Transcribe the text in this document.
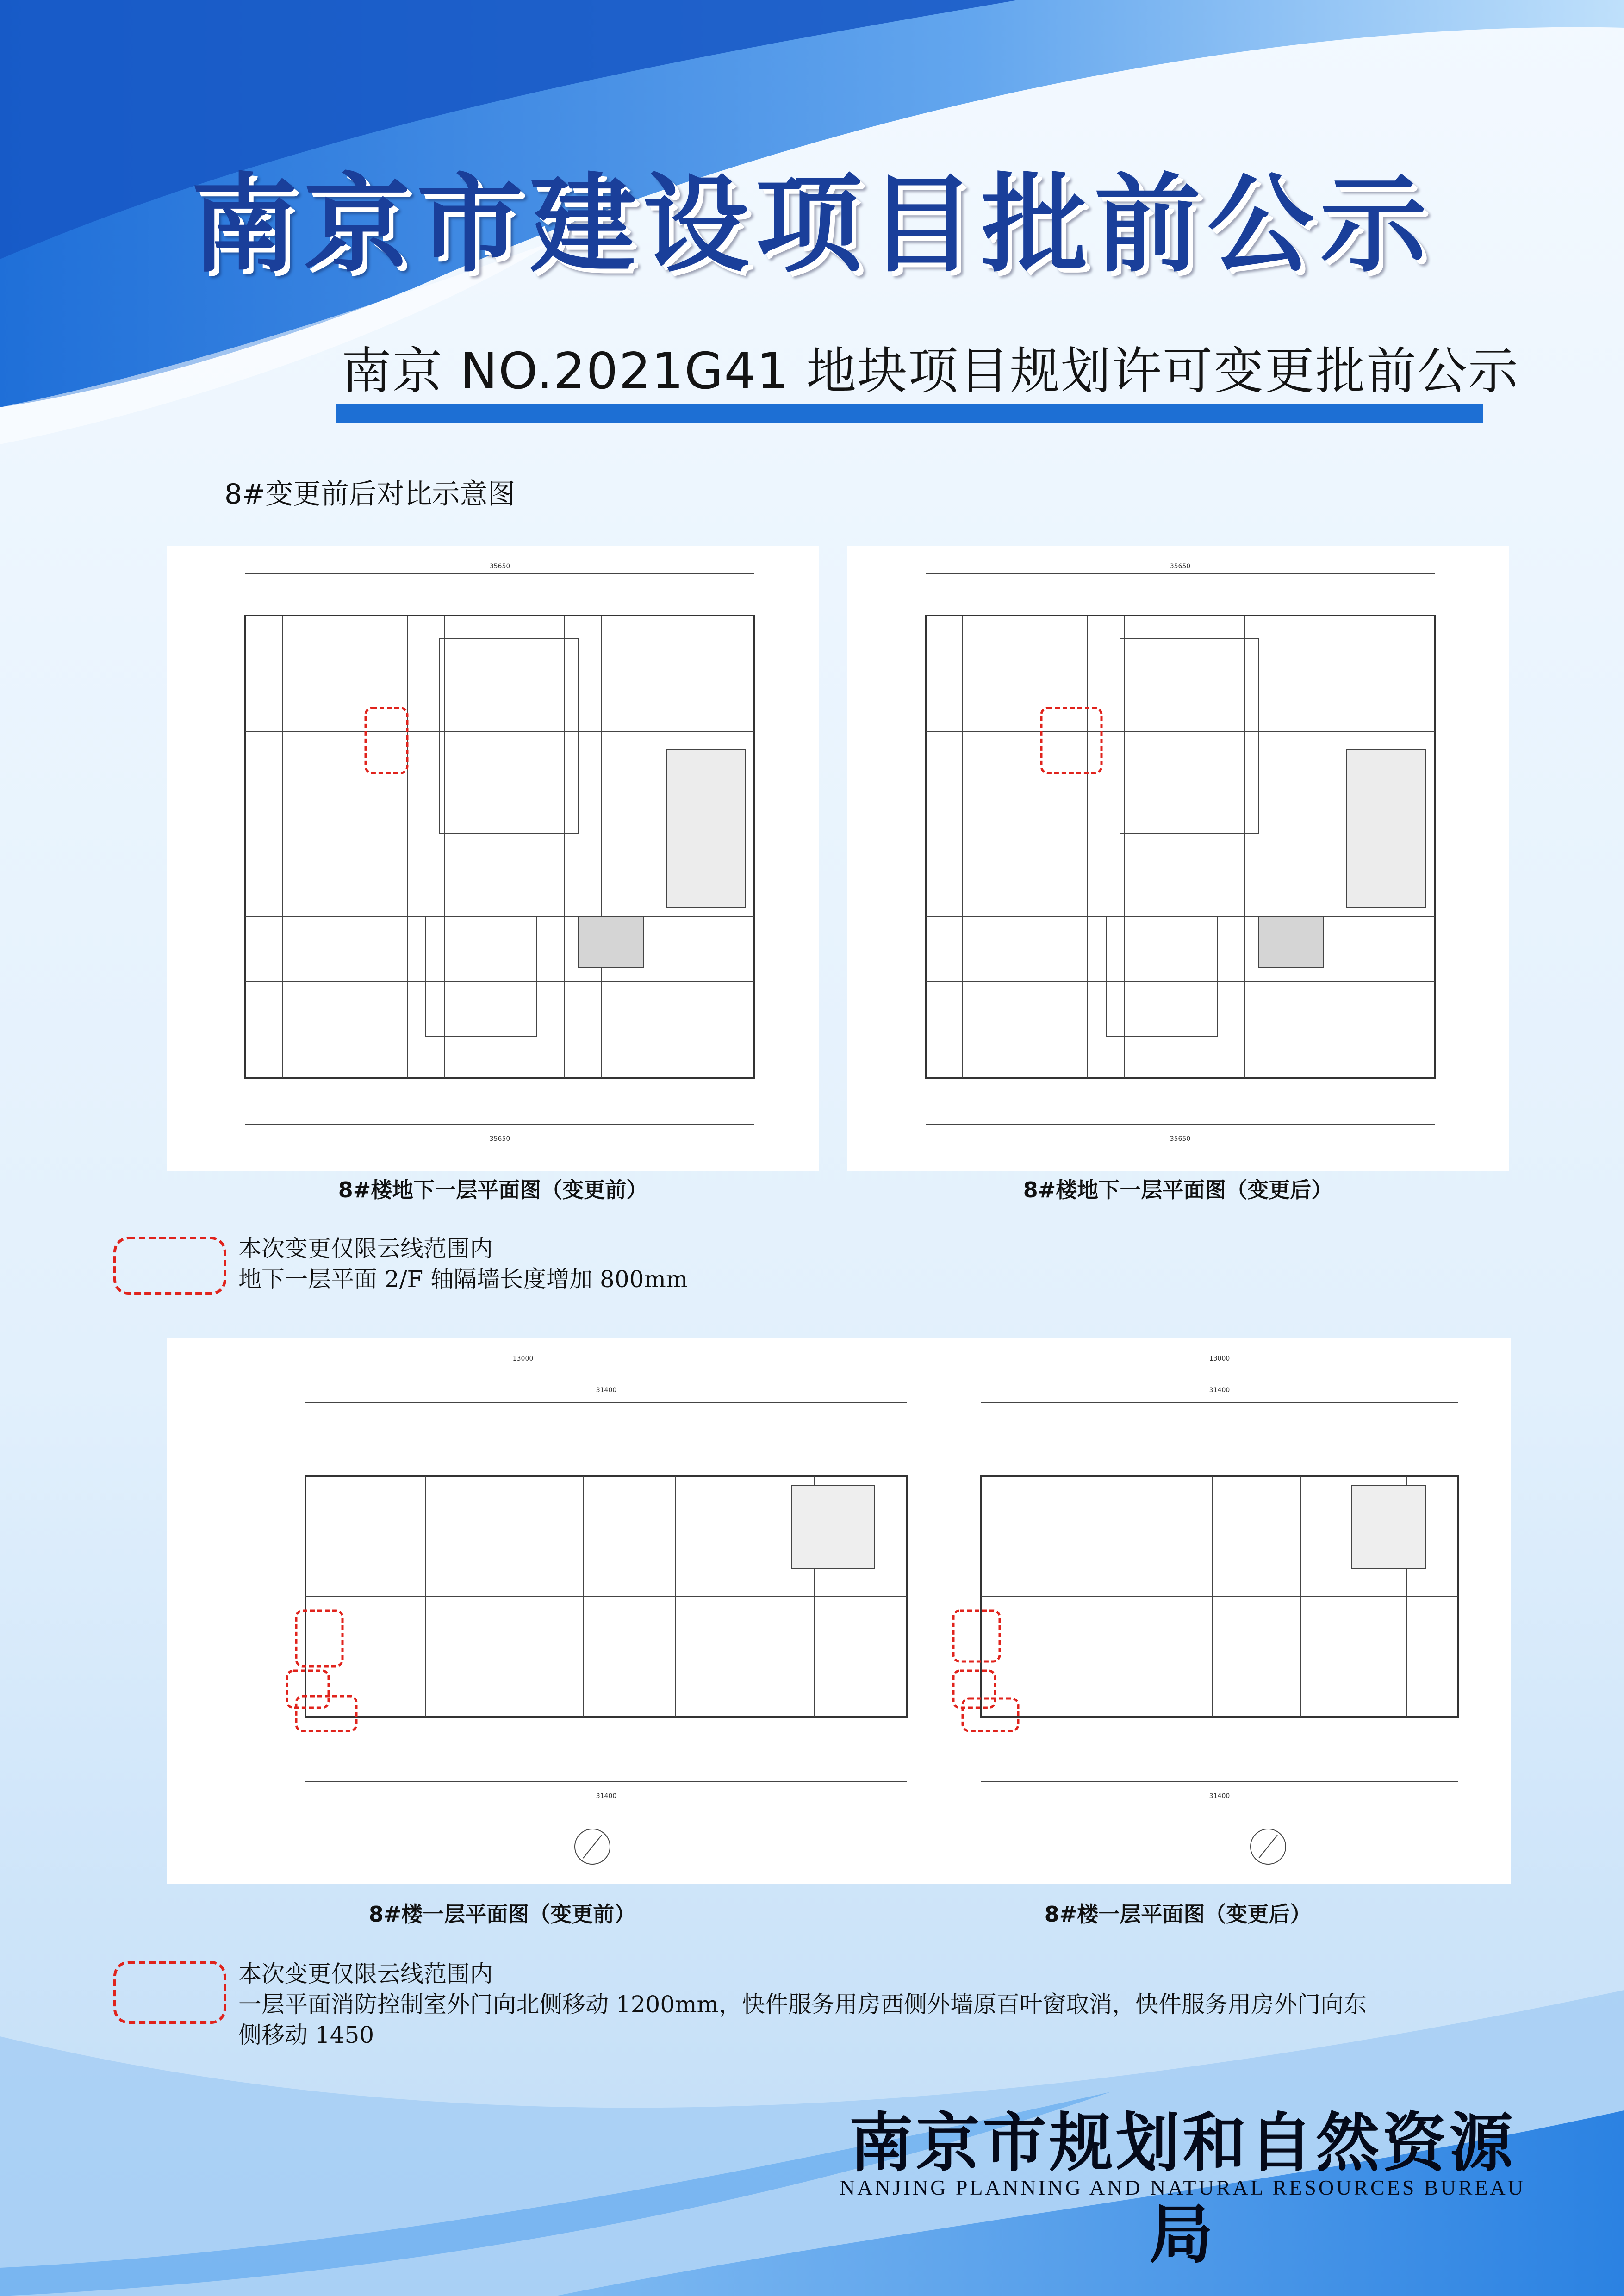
南京市建设项目批前公示
南京 NO.2021G41 地块项目规划许可变更批前公示
8#变更前后对比示意图
35650
35650
35650
35650
8#楼地下一层平面图（变更前）	8#楼地下一层平面图（变更后）
本次变更仅限云线范围内
地下一层平面 2/F 轴隔墙长度增加 800mm
13000
31400
31400
13000
31400
31400
8#楼一层平面图（变更前）	8#楼一层平面图（变更后）
本次变更仅限云线范围内
一层平面消防控制室外门向北侧移动 1200mm，快件服务用房西侧外墙原百叶窗取消，快件服务用房外门向东
侧移动 1450
南京市规划和自然资源局
NANJING PLANNING AND NATURAL RESOURCES BUREAU
